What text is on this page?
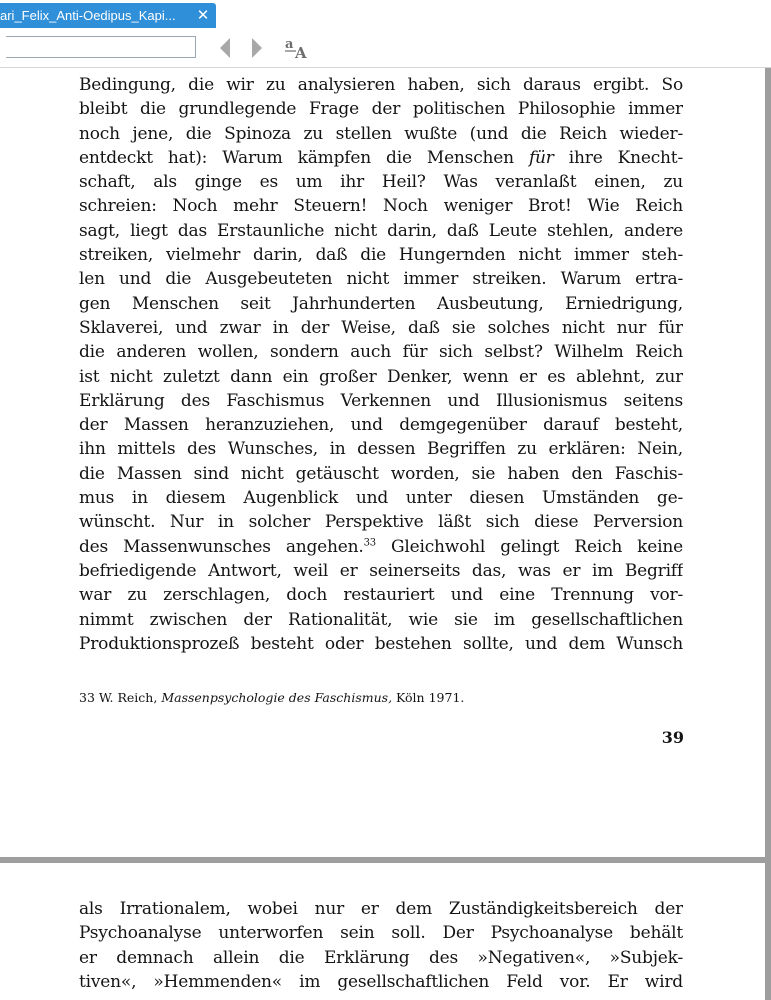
ari_Felix_Anti-Oedipus_Kapi...	✕
a A
Bedingung, die wir zu analysieren haben, sich daraus ergibt. So
bleibt die grundlegende Frage der politischen Philosophie immer
noch jene, die Spinoza zu stellen wußte (und die Reich wieder-
entdeckt hat): Warum kämpfen die Menschen für ihre Knecht-
schaft, als ginge es um ihr Heil? Was veranlaßt einen, zu
schreien: Noch mehr Steuern! Noch weniger Brot! Wie Reich
sagt, liegt das Erstaunliche nicht darin, daß Leute stehlen, andere
streiken, vielmehr darin, daß die Hungernden nicht immer steh-
len und die Ausgebeuteten nicht immer streiken. Warum ertra-
gen Menschen seit Jahrhunderten Ausbeutung, Erniedrigung,
Sklaverei, und zwar in der Weise, daß sie solches nicht nur für
die anderen wollen, sondern auch für sich selbst? Wilhelm Reich
ist nicht zuletzt dann ein großer Denker, wenn er es ablehnt, zur
Erklärung des Faschismus Verkennen und Illusionismus seitens
der Massen heranzuziehen, und demgegenüber darauf besteht,
ihn mittels des Wunsches, in dessen Begriffen zu erklären: Nein,
die Massen sind nicht getäuscht worden, sie haben den Faschis-
mus in diesem Augenblick und unter diesen Umständen ge-
wünscht. Nur in solcher Perspektive läßt sich diese Perversion
des Massenwunsches angehen.$^{33}$ Gleichwohl gelingt Reich keine
befriedigende Antwort, weil er seinerseits das, was er im Begriff
war zu zerschlagen, doch restauriert und eine Trennung vor-
nimmt zwischen der Rationalität, wie sie im gesellschaftlichen
Produktionsprozeß besteht oder bestehen sollte, und dem Wunsch
33 W. Reich, Massenpsychologie des Faschismus, Köln 1971.
39
als Irrationalem, wobei nur er dem Zuständigkeitsbereich der
Psychoanalyse unterworfen sein soll. Der Psychoanalyse behält
er demnach allein die Erklärung des »Negativen«, »Subjek-
tiven«, »Hemmenden« im gesellschaftlichen Feld vor. Er wird
